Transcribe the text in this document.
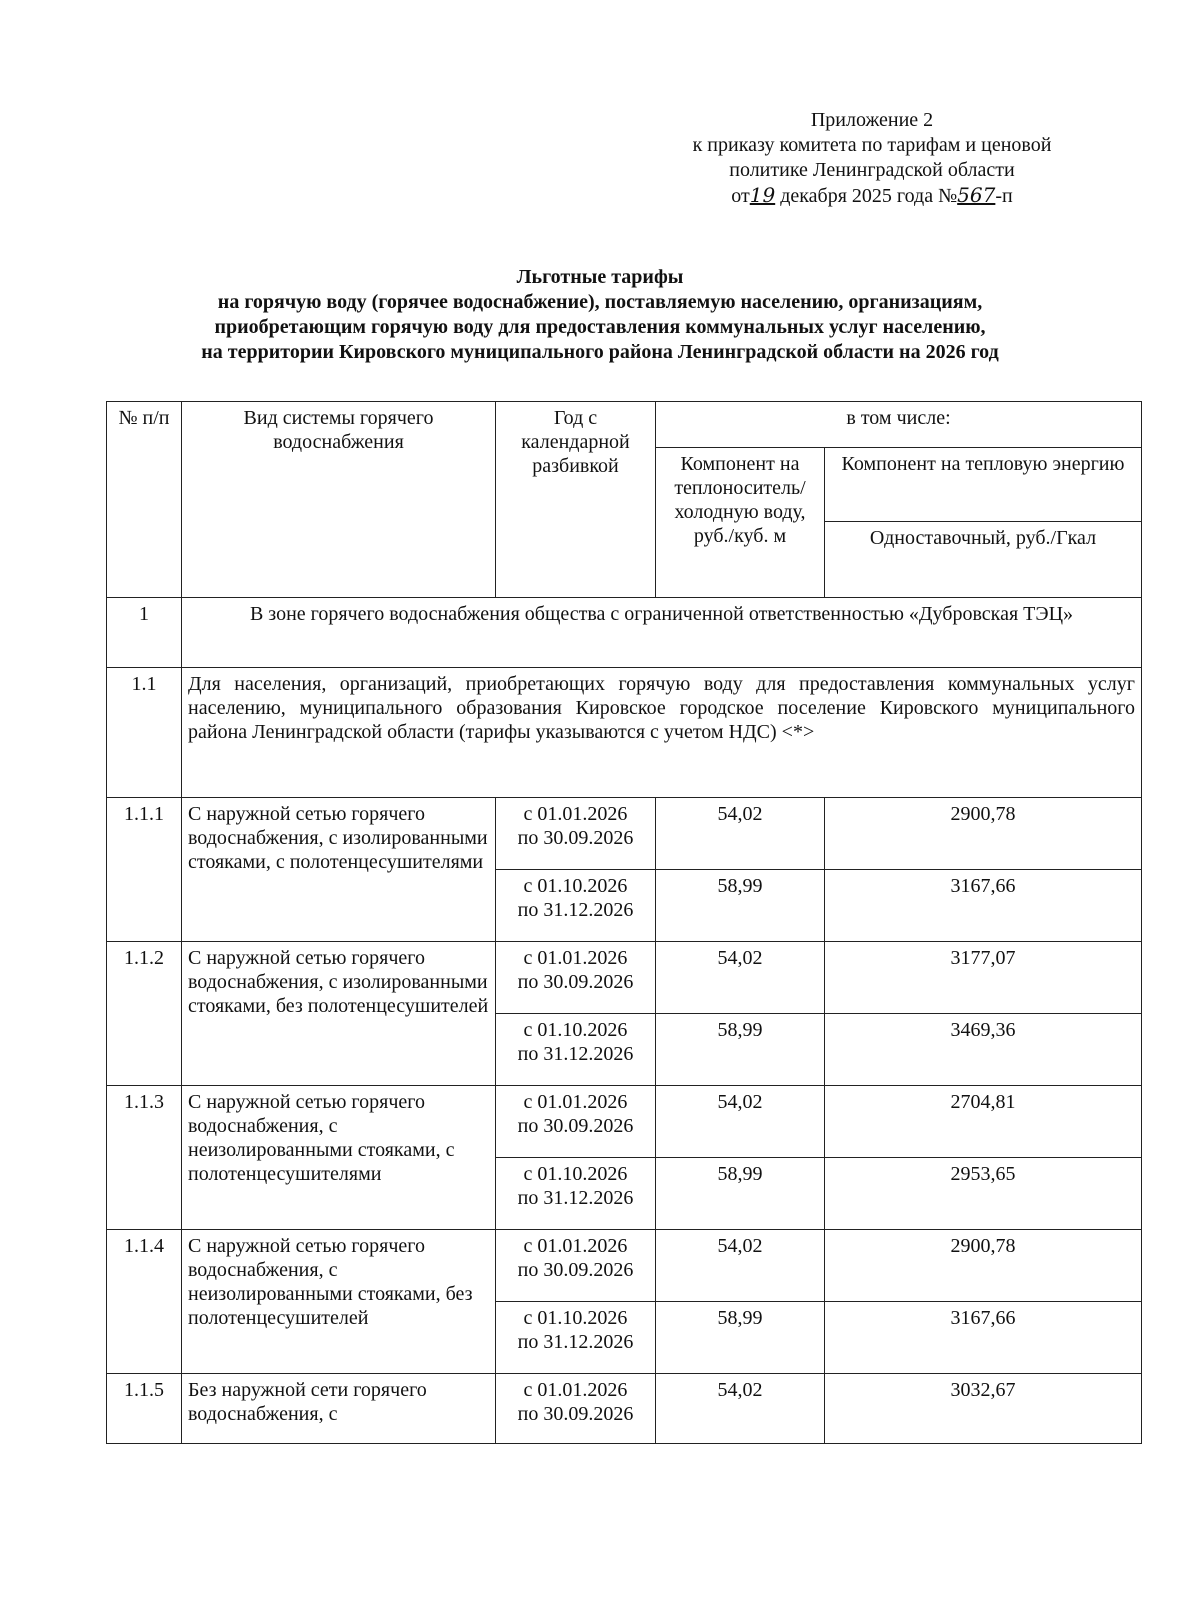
Приложение 2
к приказу комитета по тарифам и ценовой
политике Ленинградской области
от19 декабря 2025 года №567-п
Льготные тарифы
на горячую воду (горячее водоснабжение), поставляемую населению, организациям,
приобретающим горячую воду для предоставления коммунальных услуг населению,
на территории Кировского муниципального района Ленинградской области на 2026 год
№ п/п	Вид системы горячего водоснабжения	Год с календарной разбивкой	в том числе:	
			Компонент на теплоноситель/ холодную воду, руб./куб. м	Компонент на тепловую энергию
				Одноставочный, руб./Гкал
1	В зоне горячего водоснабжения общества с ограниченной ответственностью «Дубровская ТЭЦ»			
1.1	Для населения, организаций, приобретающих горячую воду для предоставления коммунальных услуг населению, муниципального образования Кировское городское поселение Кировского муниципального района Ленинградской области (тарифы указываются с учетом НДС) <*>			
1.1.1	С наружной сетью горячего водоснабжения, с изолированными стояками, с полотенцесушителями	с 01.01.2026
по 30.09.2026	54,02	2900,78

		с 01.10.2026
по 31.12.2026	58,99	3167,66
1.1.2	С наружной сетью горячего водоснабжения, с изолированными стояками, без полотенцесушителей	с 01.01.2026
по 30.09.2026	54,02	3177,07

		с 01.10.2026
по 31.12.2026	58,99	3469,36
1.1.3	С наружной сетью горячего водоснабжения, с неизолированными стояками, с полотенцесушителями	с 01.01.2026
по 30.09.2026	54,02	2704,81

		с 01.10.2026
по 31.12.2026	58,99	2953,65
1.1.4	С наружной сетью горячего водоснабжения, с неизолированными стояками, без полотенцесушителей	с 01.01.2026
по 30.09.2026	54,02	2900,78

		с 01.10.2026
по 31.12.2026	58,99	3167,66
1.1.5	Без наружной сети горячего водоснабжения, с	с 01.01.2026
по 30.09.2026	54,02	3032,67
